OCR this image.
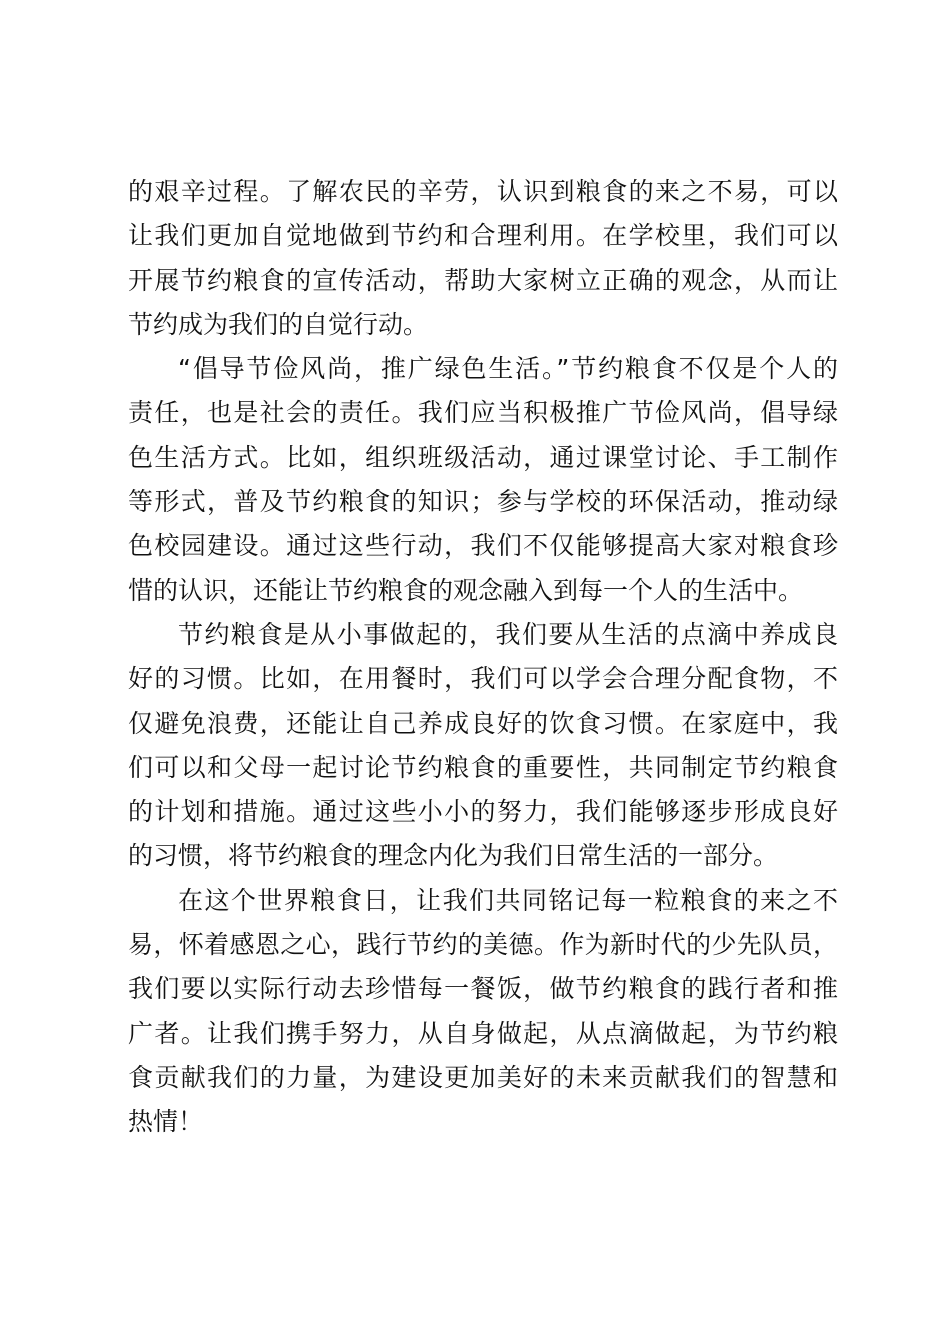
的艰辛过程。了解农民的辛劳，认识到粮食的来之不易，可以
让我们更加自觉地做到节约和合理利用。在学校里，我们可以
开展节约粮食的宣传活动，帮助大家树立正确的观念，从而让
节约成为我们的自觉行动。
“倡导节俭风尚，推广绿色生活。”节约粮食不仅是个人的
责任，也是社会的责任。我们应当积极推广节俭风尚，倡导绿
色生活方式。比如，组织班级活动，通过课堂讨论、手工制作
等形式，普及节约粮食的知识；参与学校的环保活动，推动绿
色校园建设。通过这些行动，我们不仅能够提高大家对粮食珍
惜的认识，还能让节约粮食的观念融入到每一个人的生活中。
节约粮食是从小事做起的，我们要从生活的点滴中养成良
好的习惯。比如，在用餐时，我们可以学会合理分配食物，不
仅避免浪费，还能让自己养成良好的饮食习惯。在家庭中，我
们可以和父母一起讨论节约粮食的重要性，共同制定节约粮食
的计划和措施。通过这些小小的努力，我们能够逐步形成良好
的习惯，将节约粮食的理念内化为我们日常生活的一部分。
在这个世界粮食日，让我们共同铭记每一粒粮食的来之不
易，怀着感恩之心，践行节约的美德。作为新时代的少先队员，
我们要以实际行动去珍惜每一餐饭，做节约粮食的践行者和推
广者。让我们携手努力，从自身做起，从点滴做起，为节约粮
食贡献我们的力量，为建设更加美好的未来贡献我们的智慧和
热情！
